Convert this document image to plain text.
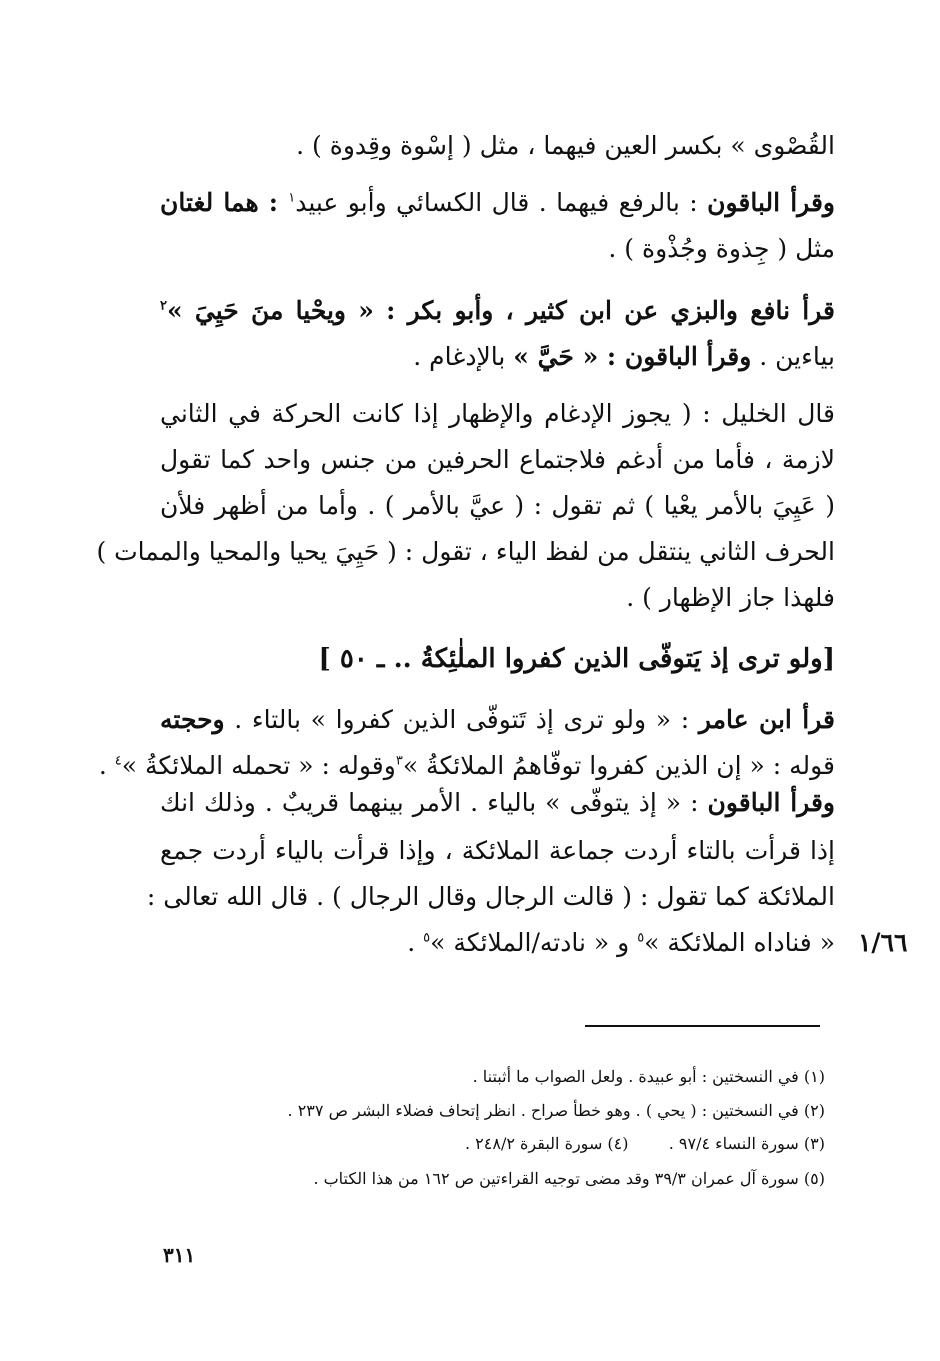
القُصْوى » بكسر العين فيهما ، مثل ( إسْوة وقِدوة ) .
وقرأ الباقون : بالرفع فيهما . قال الكسائي وأبو عبيد$^١$ : هما لغتان
مثل ( جِذوة وجُذْوة ) .
قرأ نافع والبزي عن ابن كثير ، وأبو بكر : « ويحْيا منَ حَيِيَ »$^٢$
بياءين . وقرأ الباقون : « حَيَّ » بالإدغام .
قال الخليل : ( يجوز الإدغام والإظهار إذا كانت الحركة في الثاني
لازمة ، فأما من أدغم فلاجتماع الحرفين من جنس واحد كما تقول
( عَيِيَ بالأمر يعْيا ) ثم تقول : ( عيَّ بالأمر ) . وأما من أظهر فلأن
الحرف الثاني ينتقل من لفظ الياء ، تقول : ( حَيِيَ يحيا والمحيا والممات )
فلهذا جاز الإظهار ) .
[ولو ترى إذ يَتوفّى الذين كفروا الملٰئِكةُ .. ـ ٥٠ ]
قرأ ابن عامر : « ولو ترى إذ تَتوفّى الذين كفروا » بالتاء . وحجته
قوله : « إن الذين كفروا توفّاهمُ الملائكةُ »$^٣$وقوله : « تحمله الملائكةُ »$^٤$ .
وقرأ الباقون : « إذ يتوفّى » بالياء . الأمر بينهما قريبٌ . وذلك انك
إذا قرأت بالتاء أردت جماعة الملائكة ، وإذا قرأت بالياء أردت جمع
الملائكة كما تقول : ( قالت الرجال وقال الرجال ) . قال الله تعالى :
« فناداه الملائكة »$^٥$ و « نادته/الملائكة »$^٥$ .	١/٦٦
(١) في النسختين : أبو عبيدة . ولعل الصواب ما أثبتنا .
(٢) في النسختين : ( يحي ) . وهو خطأ صراح . انظر إتحاف فضلاء البشر ص ٢٣٧ .
(٣) سورة النساء ٩٧/٤ .  (٤) سورة البقرة ٢٤٨/٢ .
(٥) سورة آل عمران ٣٩/٣ وقد مضى توجيه القراءتين ص ١٦٢ من هذا الكتاب .
٣١١
